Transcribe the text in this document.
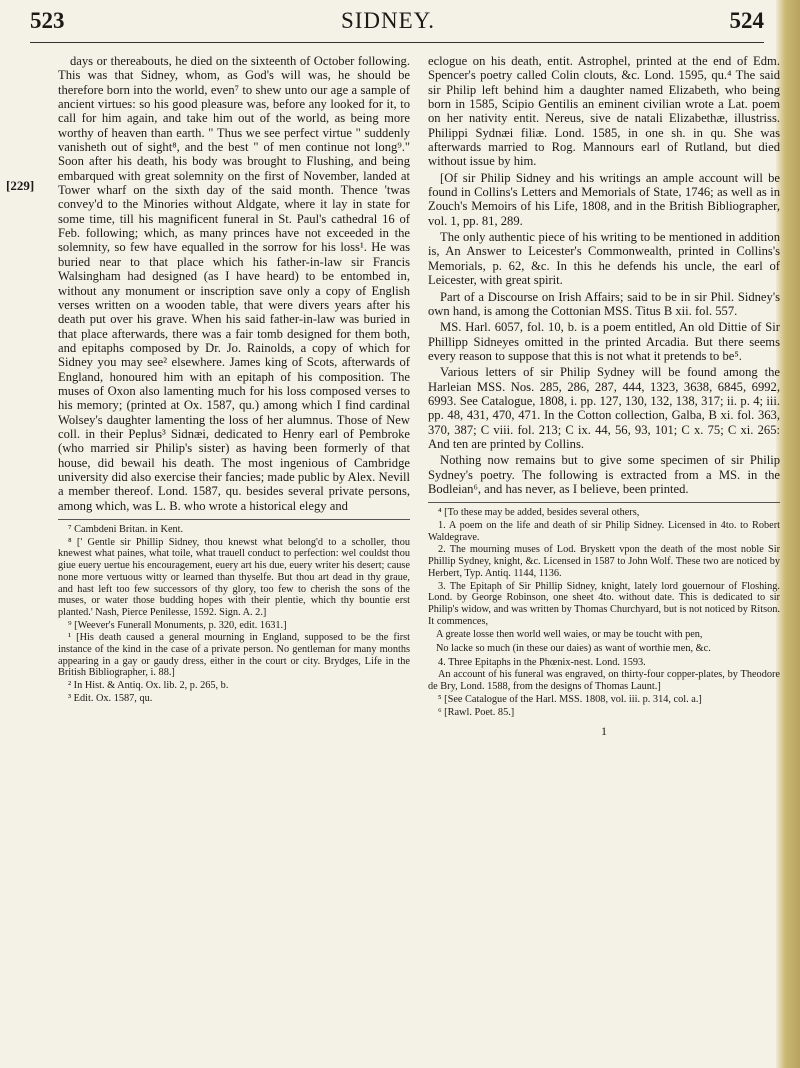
SIDNEY.
523	524
[229]

days or thereabouts, he died on the sixteenth of October following. This was that Sidney, whom, as God's will was, he should be therefore born into the world, even⁷ to shew unto our age a sample of ancient virtues: so his good pleasure was, before any looked for it, to call for him again, and take him out of the world, as being more worthy of heaven than earth. " Thus we see perfect virtue " suddenly vanisheth out of sight⁸, and the best " of men continue not long⁹." Soon after his death, his body was brought to Flushing, and being embarqued with great solemnity on the first of November, landed at Tower wharf on the sixth day of the said month. Thence 'twas convey'd to the Minories without Aldgate, where it lay in state for some time, till his magnificent funeral in St. Paul's cathedral 16 of Feb. following; which, as many princes have not exceeded in the solemnity, so few have equalled in the sorrow for his loss¹. He was buried near to that place which his father-in-law sir Francis Walsingham had designed (as I have heard) to be entombed in, without any monument or inscription save only a copy of English verses written on a wooden table, that were divers years after his death put over his grave. When his said father-in-law was buried in that place afterwards, there was a fair tomb designed for them both, and epitaphs composed by Dr. Jo. Rainolds, a copy of which for Sidney you may see² elsewhere. James king of Scots, afterwards of England, honoured him with an epitaph of his composition. The muses of Oxon also lamenting much for his loss composed verses to his memory; (printed at Ox. 1587, qu.) among which I find cardinal Wolsey's daughter lamenting the loss of her alumnus. Those of New coll. in their Peplus³ Sidnæi, dedicated to Henry earl of Pembroke (who married sir Philip's sister) as having been formerly of that house, did bewail his death. The most ingenious of Cambridge university did also exercise their fancies; made public by Alex. Nevill a member thereof. Lond. 1587, qu. besides several private persons, among which, was L. B. who wrote a historical elegy and

⁷ Cambdeni Britan. in Kent.

⁸ [' Gentle sir Phillip Sidney, thou knewst what belong'd to a scholler, thou knewest what paines, what toile, what trauell conduct to perfection: wel couldst thou giue euery uertue his encouragement, euery art his due, euery writer his desert; cause none more vertuous witty or learned than thyselfe. But thou art dead in thy graue, and hast left too few successors of thy glory, too few to cherish the sons of the muses, or water those budding hopes with their plentie, which thy bountie erst planted.' Nash, Pierce Penilesse, 1592. Sign. A. 2.]

⁹ [Weever's Funerall Monuments, p. 320, edit. 1631.]

¹ [His death caused a general mourning in England, supposed to be the first instance of the kind in the case of a private person. No gentleman for many months appearing in a gay or gaudy dress, either in the court or city. Brydges, Life in the British Bibliographer, i. 88.]

² In Hist. & Antiq. Ox. lib. 2, p. 265, b.

³ Edit. Ox. 1587, qu.

eclogue on his death, entit. Astrophel, printed at the end of Edm. Spencer's poetry called Colin clouts, &c. Lond. 1595, qu.⁴ The said sir Philip left behind him a daughter named Elizabeth, who being born in 1585, Scipio Gentilis an eminent civilian wrote a Lat. poem on her nativity entit. Nereus, sive de natali Elizabethæ, illustriss. Philippi Sydnæi filiæ. Lond. 1585, in one sh. in qu. She was afterwards married to Rog. Mannours earl of Rutland, but died without issue by him.

[Of sir Philip Sidney and his writings an ample account will be found in Collins's Letters and Memorials of State, 1746; as well as in Zouch's Memoirs of his Life, 1808, and in the British Bibliographer, vol. 1, pp. 81, 289.

The only authentic piece of his writing to be mentioned in addition is, An Answer to Leicester's Commonwealth, printed in Collins's Memorials, p. 62, &c. In this he defends his uncle, the earl of Leicester, with great spirit.

Part of a Discourse on Irish Affairs; said to be in sir Phil. Sidney's own hand, is among the Cottonian MSS. Titus B xii. fol. 557.

MS. Harl. 6057, fol. 10, b. is a poem entitled, An old Dittie of Sir Phillipp Sidneyes omitted in the printed Arcadia. But there seems every reason to suppose that this is not what it pretends to be⁵.

Various letters of sir Philip Sydney will be found among the Harleian MSS. Nos. 285, 286, 287, 444, 1323, 3638, 6845, 6992, 6993. See Catalogue, 1808, i. pp. 127, 130, 132, 138, 317; ii. p. 4; iii. pp. 48, 431, 470, 471. In the Cotton collection, Galba, B xi. fol. 363, 370, 387; C viii. fol. 213; C ix. 44, 56, 93, 101; C x. 75; C xi. 265: And ten are printed by Collins.

Nothing now remains but to give some specimen of sir Philip Sydney's poetry. The following is extracted from a MS. in the Bodleian⁶, and has never, as I believe, been printed.

⁴ [To these may be added, besides several others,

1. A poem on the life and death of sir Philip Sidney. Licensed in 4to. to Robert Waldegrave.

2. The mourning muses of Lod. Bryskett vpon the death of the most noble Sir Phillip Sydney, knight, &c. Licensed in 1587 to John Wolf. These two are noticed by Herbert, Typ. Antiq. 1144, 1136.

3. The Epitaph of Sir Phillip Sidney, knight, lately lord gouernour of Floshing. Lond. by George Robinson, one sheet 4to. without date. This is dedicated to sir Philip's widow, and was written by Thomas Churchyard, but is not noticed by Ritson. It commences,

A greate losse then world well waies, or may be toucht with pen,
No lacke so much (in these our daies) as want of worthie men, &c.

4. Three Epitaphs in the Phœnix-nest. Lond. 1593.

An account of his funeral was engraved, on thirty-four copper-plates, by Theodore de Bry, Lond. 1588, from the designs of Thomas Launt.]

⁵ [See Catalogue of the Harl. MSS. 1808, vol. iii. p. 314, col. a.]

⁶ [Rawl. Poet. 85.]

1
